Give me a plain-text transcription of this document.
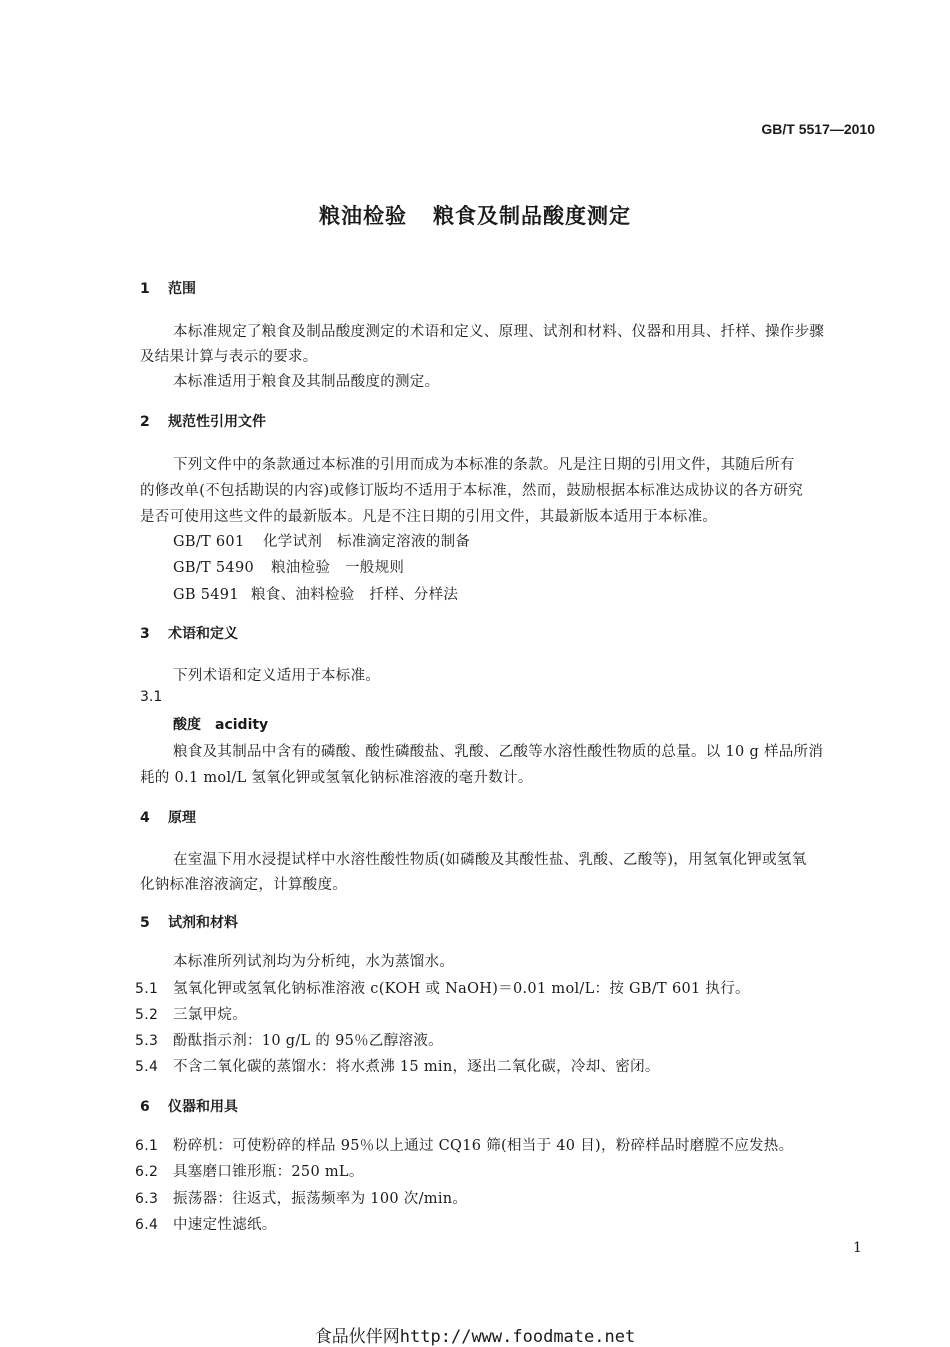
GB/T 5517—2010
粮油检验 粮食及制品酸度测定
1 范围
本标准规定了粮食及制品酸度测定的术语和定义、原理、试剂和材料、仪器和用具、扦样、操作步骤
及结果计算与表示的要求。
本标准适用于粮食及其制品酸度的测定。
2 规范性引用文件
下列文件中的条款通过本标准的引用而成为本标准的条款。凡是注日期的引用文件，其随后所有
的修改单(不包括勘误的内容)或修订版均不适用于本标准，然而，鼓励根据本标准达成协议的各方研究
是否可使用这些文件的最新版本。凡是不注日期的引用文件，其最新版本适用于本标准。
GB/T 601 化学试剂　标准滴定溶液的制备
GB/T 5490 粮油检验　一般规则
GB 5491 粮食、油料检验　扦样、分样法
3 术语和定义
下列术语和定义适用于本标准。
3.1
酸度　acidity
粮食及其制品中含有的磷酸、酸性磷酸盐、乳酸、乙酸等水溶性酸性物质的总量。以 10 g 样品所消
耗的 0.1 mol/L 氢氧化钾或氢氧化钠标准溶液的毫升数计。
4 原理
在室温下用水浸提试样中水溶性酸性物质(如磷酸及其酸性盐、乳酸、乙酸等)，用氢氧化钾或氢氧
化钠标准溶液滴定，计算酸度。
5 试剂和材料
本标准所列试剂均为分析纯，水为蒸馏水。
5.1 氢氧化钾或氢氧化钠标准溶液 c(KOH 或 NaOH)＝0.01 mol/L：按 GB/T 601 执行。
5.2 三氯甲烷。
5.3 酚酞指示剂：10 g/L 的 95％乙醇溶液。
5.4 不含二氧化碳的蒸馏水：将水煮沸 15 min，逐出二氧化碳，冷却、密闭。
6 仪器和用具
6.1 粉碎机：可使粉碎的样品 95％以上通过 CQ16 筛(相当于 40 目)，粉碎样品时磨膛不应发热。
6.2 具塞磨口锥形瓶：250 mL。
6.3 振荡器：往返式，振荡频率为 100 次/min。
6.4 中速定性滤纸。
1
食品伙伴网http://www.foodmate.net
